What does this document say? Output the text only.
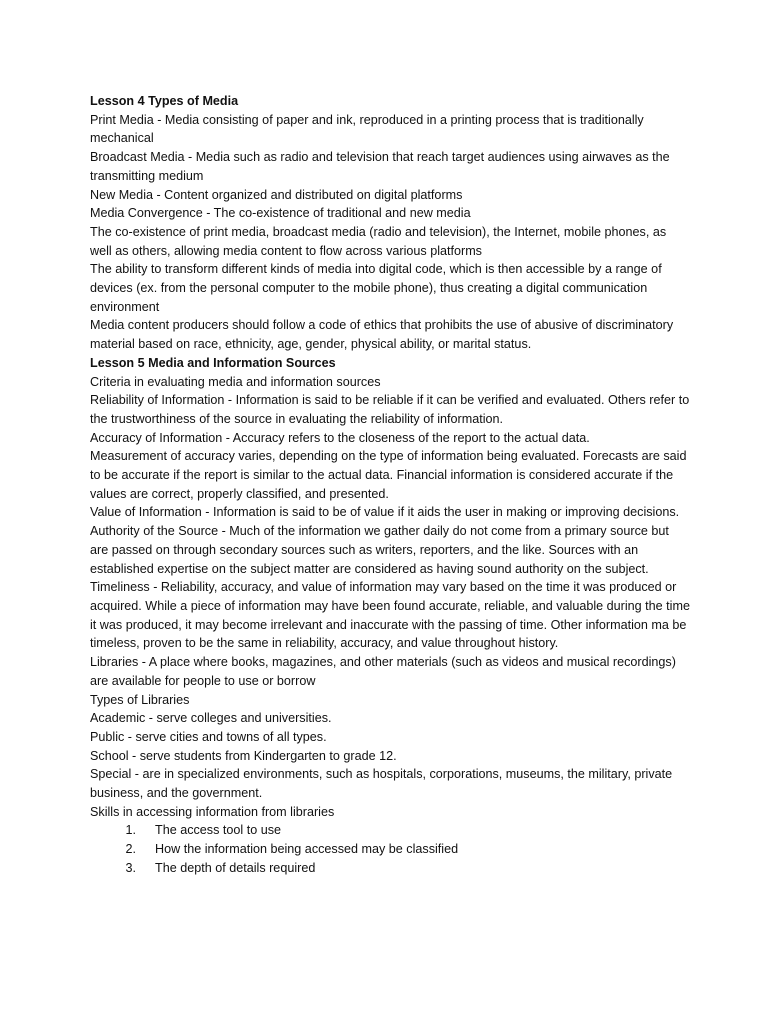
Lesson 4 Types of Media

Print Media - Media consisting of paper and ink, reproduced in a printing process that is traditionally mechanical

Broadcast Media - Media such as radio and television that reach target audiences using airwaves as the transmitting medium

New Media - Content organized and distributed on digital platforms

Media Convergence - The co-existence of traditional and new media

The co-existence of print media, broadcast media (radio and television), the Internet, mobile phones, as well as others, allowing media content to flow across various platforms

The ability to transform different kinds of media into digital code, which is then accessible by a range of devices (ex. from the personal computer to the mobile phone), thus creating a digital communication environment

Media content producers should follow a code of ethics that prohibits the use of abusive of discriminatory material based on race, ethnicity, age, gender, physical ability, or marital status.

Lesson 5 Media and Information Sources

Criteria in evaluating media and information sources

Reliability of Information - Information is said to be reliable if it can be verified and evaluated. Others refer to the trustworthiness of the source in evaluating the reliability of information.

Accuracy of Information - Accuracy refers to the closeness of the report to the actual data.

Measurement of accuracy varies, depending on the type of information being evaluated. Forecasts are said to be accurate if the report is similar to the actual data. Financial information is considered accurate if the values are correct, properly classified, and presented.

Value of Information - Information is said to be of value if it aids the user in making or improving decisions.

Authority of the Source - Much of the information we gather daily do not come from a primary source but are passed on through secondary sources such as writers, reporters, and the like. Sources with an established expertise on the subject matter are considered as having sound authority on the subject.

Timeliness - Reliability, accuracy, and value of information may vary based on the time it was produced or acquired. While a piece of information may have been found accurate, reliable, and valuable during the time it was produced, it may become irrelevant and inaccurate with the passing of time. Other information ma be timeless, proven to be the same in reliability, accuracy, and value throughout history.

Libraries - A place where books, magazines, and other materials (such as videos and musical recordings) are available for people to use or borrow

Types of Libraries

Academic - serve colleges and universities.

Public - serve cities and towns of all types.

School - serve students from Kindergarten to grade 12.

Special - are in specialized environments, such as hospitals, corporations, museums, the military, private business, and the government.

Skills in accessing information from libraries

1. The access tool to use
2. How the information being accessed may be classified
3. The depth of details required
